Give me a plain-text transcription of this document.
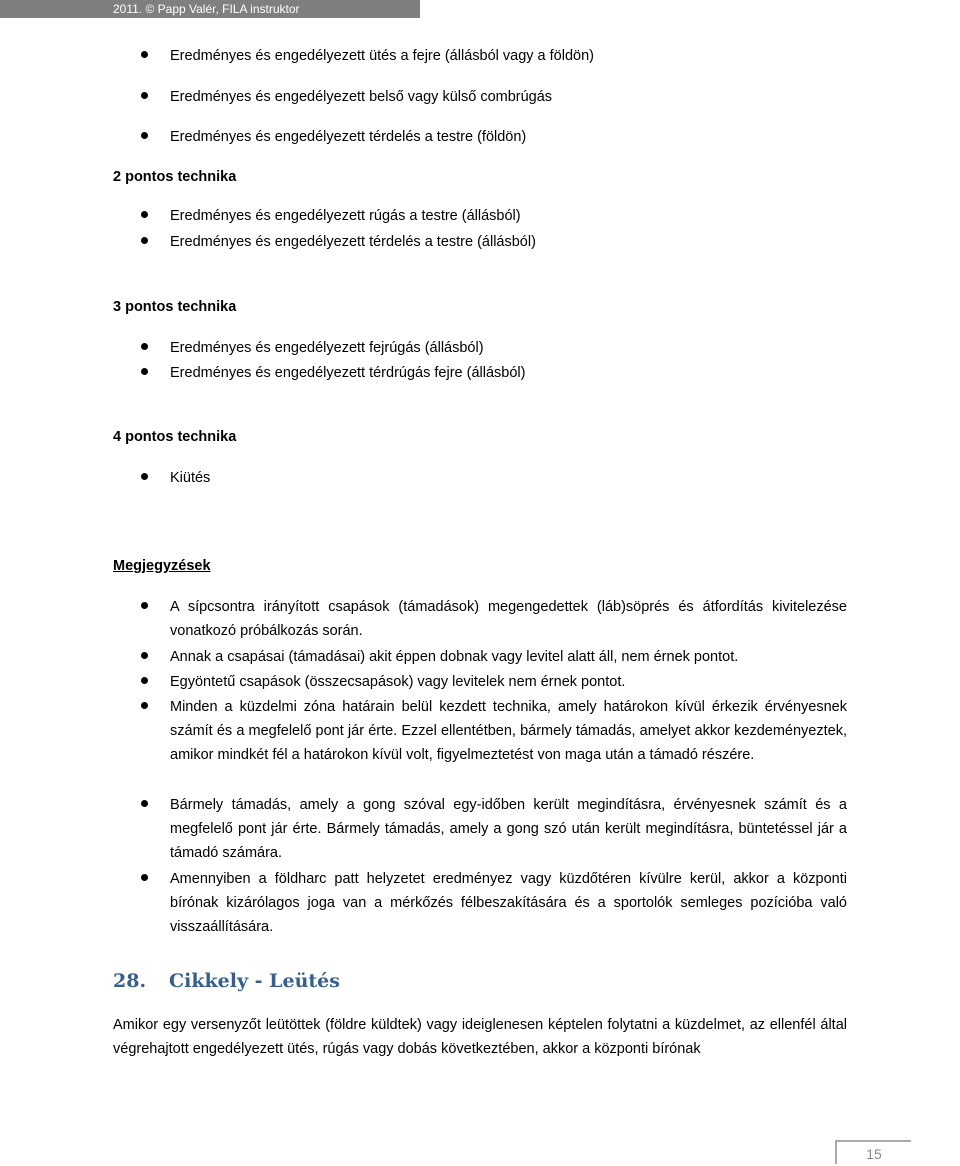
2011. © Papp Valér, FILA instruktor
Eredményes és engedélyezett ütés a fejre (állásból vagy a földön)
Eredményes és engedélyezett belső vagy külső combrúgás
Eredményes és engedélyezett térdelés a testre (földön)
2 pontos technika
Eredményes és engedélyezett rúgás a testre (állásból)
Eredményes és engedélyezett térdelés a testre (állásból)
3 pontos technika
Eredményes és engedélyezett fejrúgás (állásból)
Eredményes és engedélyezett térdrúgás fejre (állásból)
4 pontos technika
Kiütés
Megjegyzések
A sípcsontra irányított csapások (támadások) megengedettek (láb)söprés és átfordítás kivitelezése vonatkozó próbálkozás során.
Annak a csapásai (támadásai) akit éppen dobnak vagy levitel alatt áll, nem érnek pontot.
Egyöntetű csapások (összecsapások) vagy levitelek nem érnek pontot.
Minden a küzdelmi zóna határain belül kezdett technika, amely határokon kívül érkezik érvényesnek számít és a megfelelő pont jár érte. Ezzel ellentétben, bármely támadás, amelyet akkor kezdeményeztek, amikor mindkét fél a határokon kívül volt, figyelmeztetést von maga után a támadó részére.
Bármely támadás, amely a gong szóval egy-időben került megindításra, érvényesnek számít és a megfelelő pont jár érte. Bármely támadás, amely a gong szó után került megindításra, büntetéssel jár a támadó számára.
Amennyiben a földharc patt helyzetet eredményez vagy küzdőtéren kívülre kerül, akkor a központi bírónak kizárólagos joga van a mérkőzés félbeszakítására és a sportolók semleges pozícióba való visszaállítására.
28. Cikkely - Leütés
Amikor egy versenyzőt leütöttek (földre küldtek) vagy ideiglenesen képtelen folytatni a küzdelmet, az ellenfél által végrehajtott engedélyezett ütés, rúgás vagy dobás következtében, akkor a központi bírónak
15
